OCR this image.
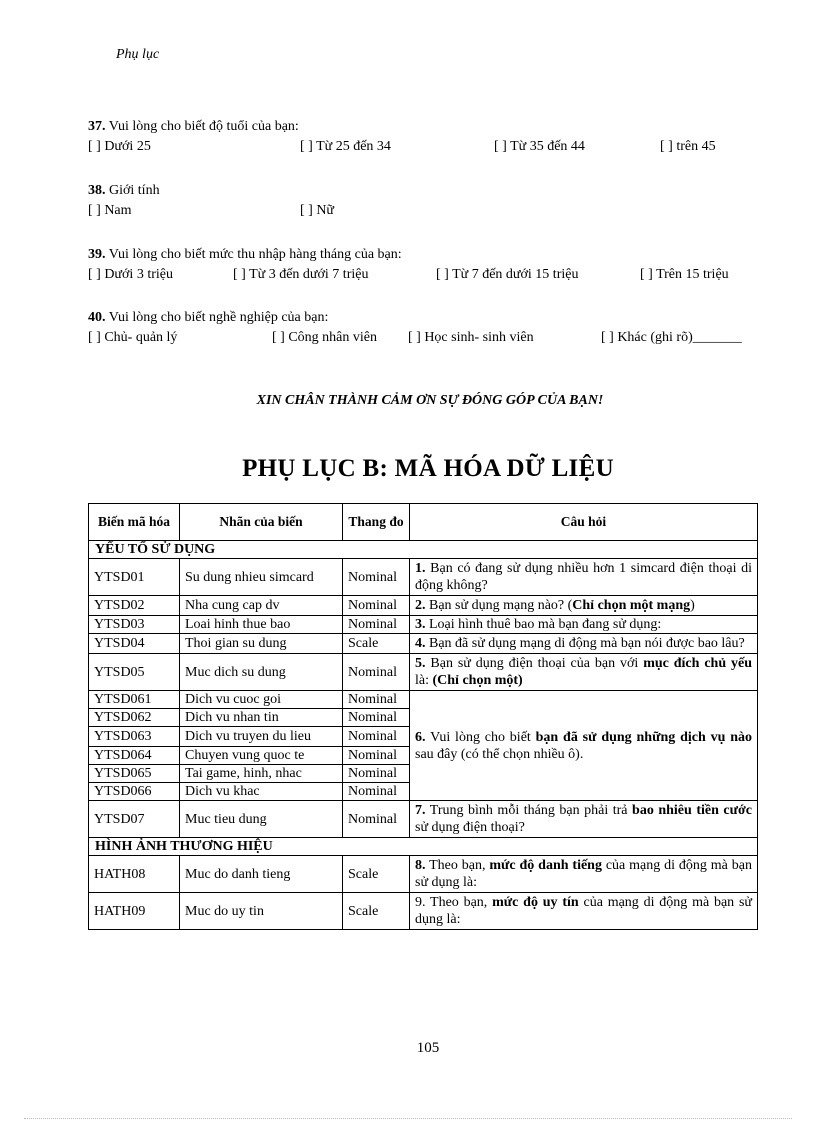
Phụ lục
37. Vui lòng cho biết độ tuổi của bạn:
[ ] Dưới 25	[ ] Từ 25 đến 34	[ ] Từ 35 đến 44	[ ] trên 45
38. Giới tính
[ ] Nam	[ ] Nữ
39. Vui lòng cho biết mức thu nhập hàng tháng của bạn:
[ ] Dưới 3 triệu	[ ] Từ 3 đến dưới 7 triệu	[ ] Từ 7 đến dưới 15 triệu	[ ] Trên 15 triệu
40. Vui lòng cho biết nghề nghiệp của bạn:
[ ] Chủ- quản lý	[ ] Công nhân viên [ ] Học sinh- sinh viên	[ ] Khác (ghi rõ)_______
XIN CHÂN THÀNH CẢM ƠN SỰ ĐÓNG GÓP CỦA BẠN!
PHỤ LỤC B: MÃ HÓA DỮ LIỆU
Biến mã hóa	Nhãn của biến	Thang đo	Câu hỏi
YẾU TỐ SỬ DỤNG			
YTSD01	Su dung nhieu simcard	Nominal	1. Bạn có đang sử dụng nhiều hơn 1 simcard điện thoại di động không?
YTSD02	Nha cung cap dv	Nominal	2. Bạn sử dụng mạng nào? (Chỉ chọn một mạng)
YTSD03	Loai hinh thue bao	Nominal	3. Loại hình thuê bao mà bạn đang sử dụng:
YTSD04	Thoi gian su dung	Scale	4. Bạn đã sử dụng mạng di động mà bạn nói được bao lâu?
YTSD05	Muc dich su dung	Nominal	5. Bạn sử dụng điện thoại của bạn với mục đích chủ yếu là: (Chỉ chọn một)
YTSD061	Dich vu cuoc goi	Nominal	6. Vui lòng cho biết bạn đã sử dụng những dịch vụ nào sau đây (có thể chọn nhiều ô).
YTSD062	Dich vu nhan tin	Nominal	
YTSD063	Dich vu truyen du lieu	Nominal	
YTSD064	Chuyen vung quoc te	Nominal	
YTSD065	Tai game, hinh, nhac	Nominal	
YTSD066	Dich vu khac	Nominal	
YTSD07	Muc tieu dung	Nominal	7. Trung bình mỗi tháng bạn phải trả bao nhiêu tiền cước sử dụng điện thoại?
HÌNH ẢNH THƯƠNG HIỆU			
HATH08	Muc do danh tieng	Scale	8. Theo bạn, mức độ danh tiếng của mạng di động mà bạn sử dụng là:
HATH09	Muc do uy tin	Scale	9. Theo bạn, mức độ uy tín của mạng di động mà bạn sử dụng là:
105
